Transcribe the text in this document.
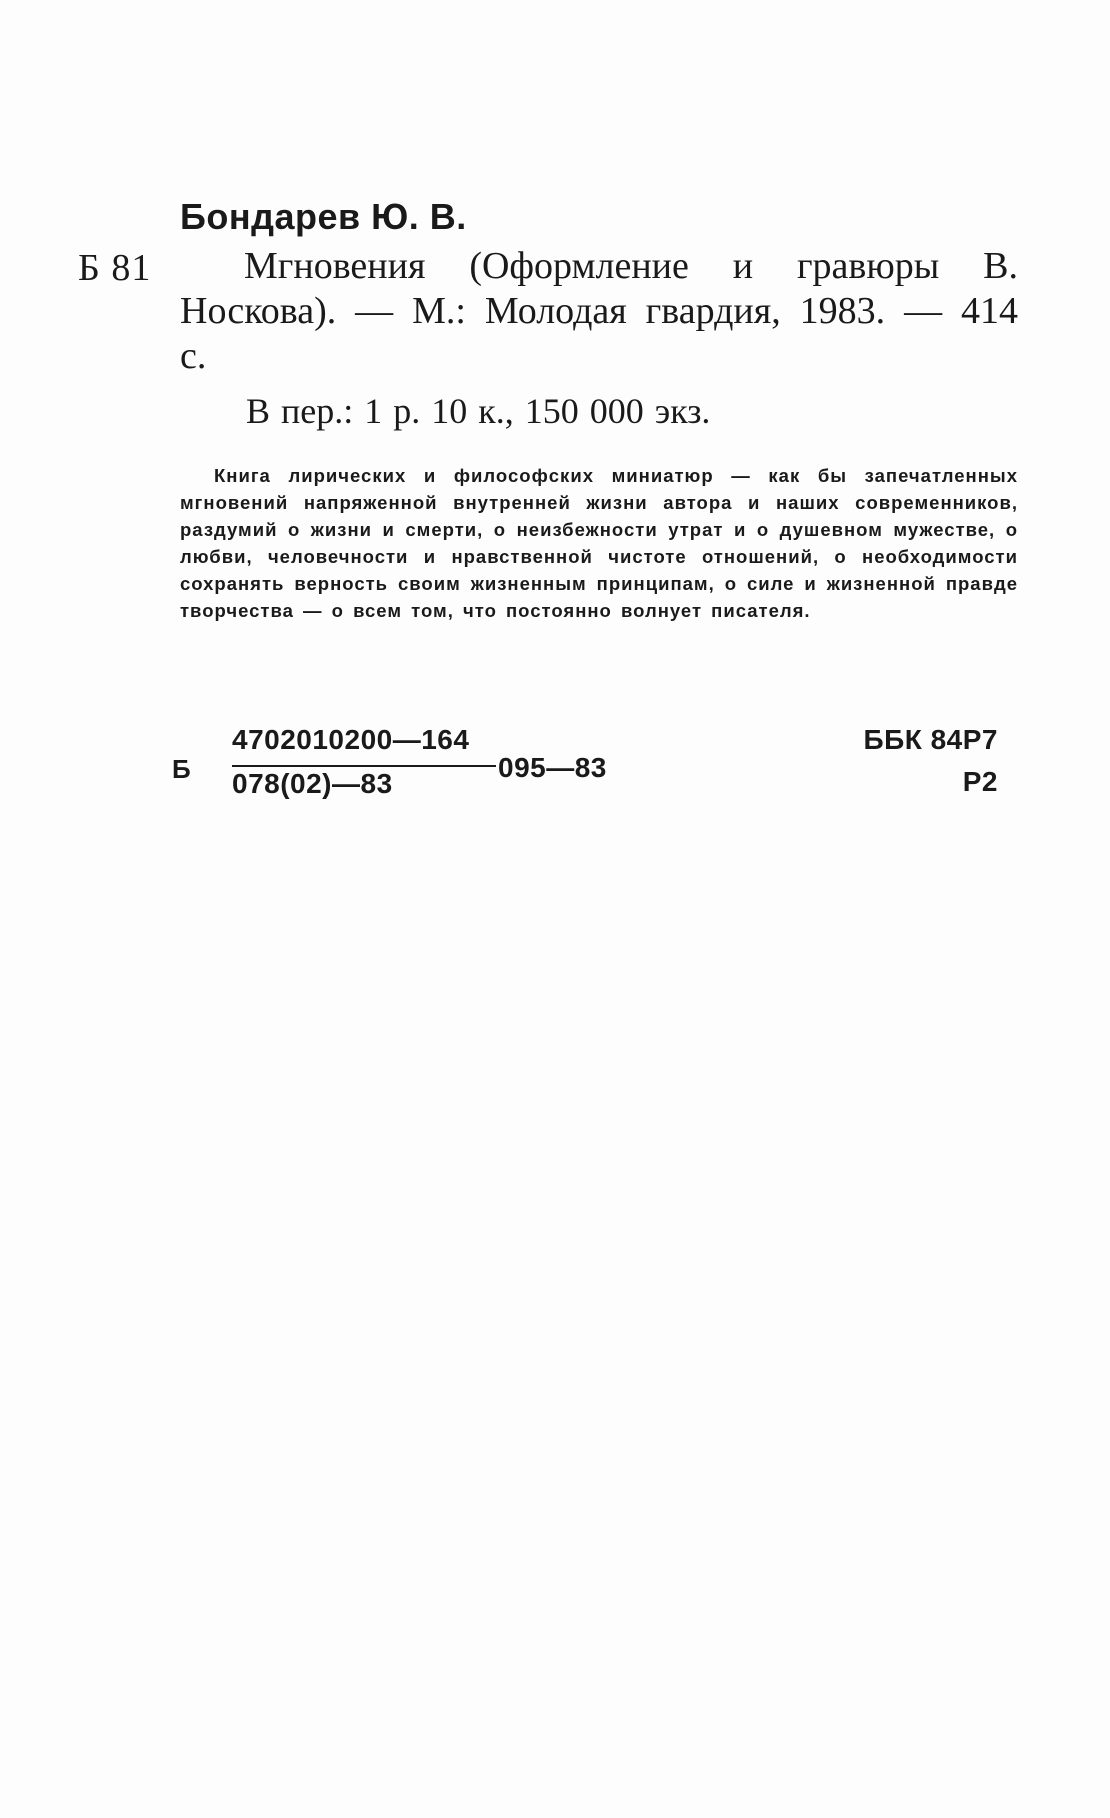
Бондарев Ю. В.
Б 81	Мгновения (Оформление и гравюры В. Носкова). — М.: Молодая гвардия, 1983. — 414 с.
В пер.: 1 р. 10 к., 150 000 экз.
Книга лирических и философских миниатюр — как бы запечатленных мгновений напряженной внутренней жизни автора и наших современников, раздумий о жизни и смерти, о неизбежности утрат и о душевном мужестве, о любви, человечности и нравственной чистоте отношений, о необходимости сохранять верность своим жизненным принципам, о силе и жизненной правде творчества — о всем том, что постоянно волнует писателя.
Б
4702010200—164
078(02)—83
095—83
ББК 84Р7
Р2
